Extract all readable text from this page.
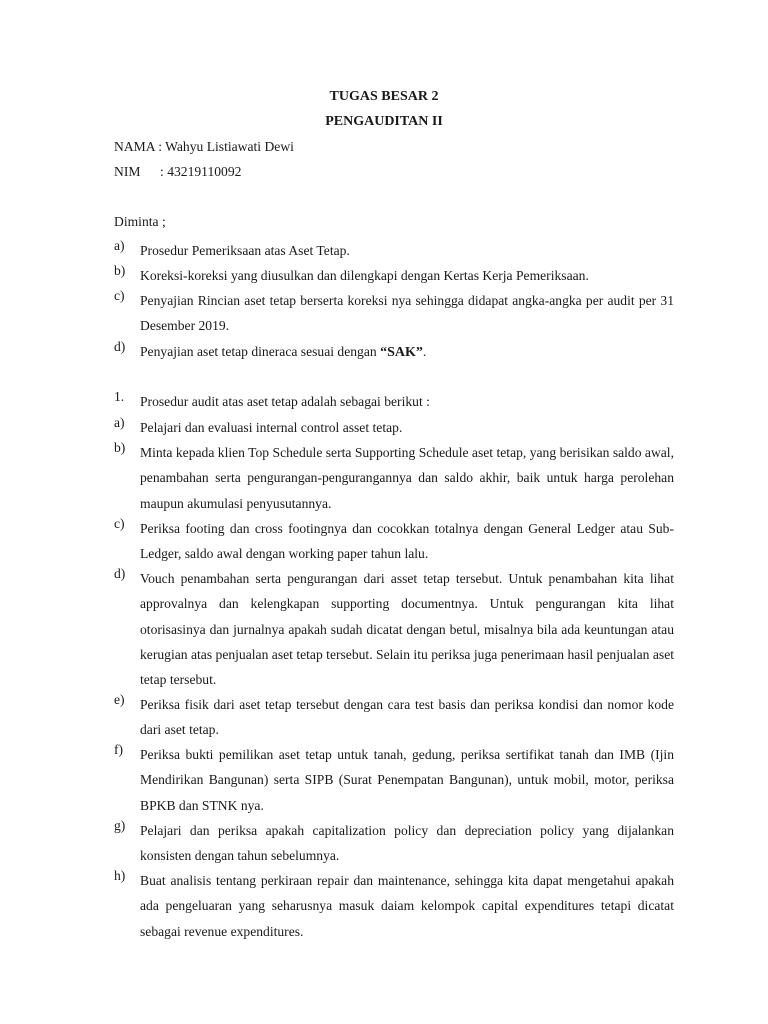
TUGAS BESAR 2
PENGAUDITAN II
NAMA : Wahyu Listiawati Dewi
NIM : 43219110092
Diminta ;
a)	Prosedur Pemeriksaan atas Aset Tetap.
b)	Koreksi-koreksi yang diusulkan dan dilengkapi dengan Kertas Kerja Pemeriksaan.
c)	Penyajian Rincian aset tetap berserta koreksi nya sehingga didapat angka-angka per audit per 31 Desember 2019.
d)	Penyajian aset tetap dineraca sesuai dengan “SAK”.
1.	Prosedur audit atas aset tetap adalah sebagai berikut :
a)	Pelajari dan evaluasi internal control asset tetap.
b)	Minta kepada klien Top Schedule serta Supporting Schedule aset tetap, yang berisikan saldo awal, penambahan serta pengurangan-pengurangannya dan saldo akhir, baik untuk harga perolehan maupun akumulasi penyusutannya.
c)	Periksa footing dan cross footingnya dan cocokkan totalnya dengan General Ledger atau Sub-Ledger, saldo awal dengan working paper tahun lalu.
d)	Vouch penambahan serta pengurangan dari asset tetap tersebut. Untuk penambahan kita lihat approvalnya dan kelengkapan supporting documentnya. Untuk pengurangan kita lihat otorisasinya dan jurnalnya apakah sudah dicatat dengan betul, misalnya bila ada keuntungan atau kerugian atas penjualan aset tetap tersebut. Selain itu periksa juga penerimaan hasil penjualan aset tetap tersebut.
e)	Periksa fisik dari aset tetap tersebut dengan cara test basis dan periksa kondisi dan nomor kode dari aset tetap.
f)	Periksa bukti pemilikan aset tetap untuk tanah, gedung, periksa sertifikat tanah dan IMB (Ijin Mendirikan Bangunan) serta SIPB (Surat Penempatan Bangunan), untuk mobil, motor, periksa BPKB dan STNK nya.
g)	Pelajari dan periksa apakah capitalization policy dan depreciation policy yang dijalankan konsisten dengan tahun sebelumnya.
h)	Buat analisis tentang perkiraan repair dan maintenance, sehingga kita dapat mengetahui apakah ada pengeluaran yang seharusnya masuk daiam kelompok capital expenditures tetapi dicatat sebagai revenue expenditures.
